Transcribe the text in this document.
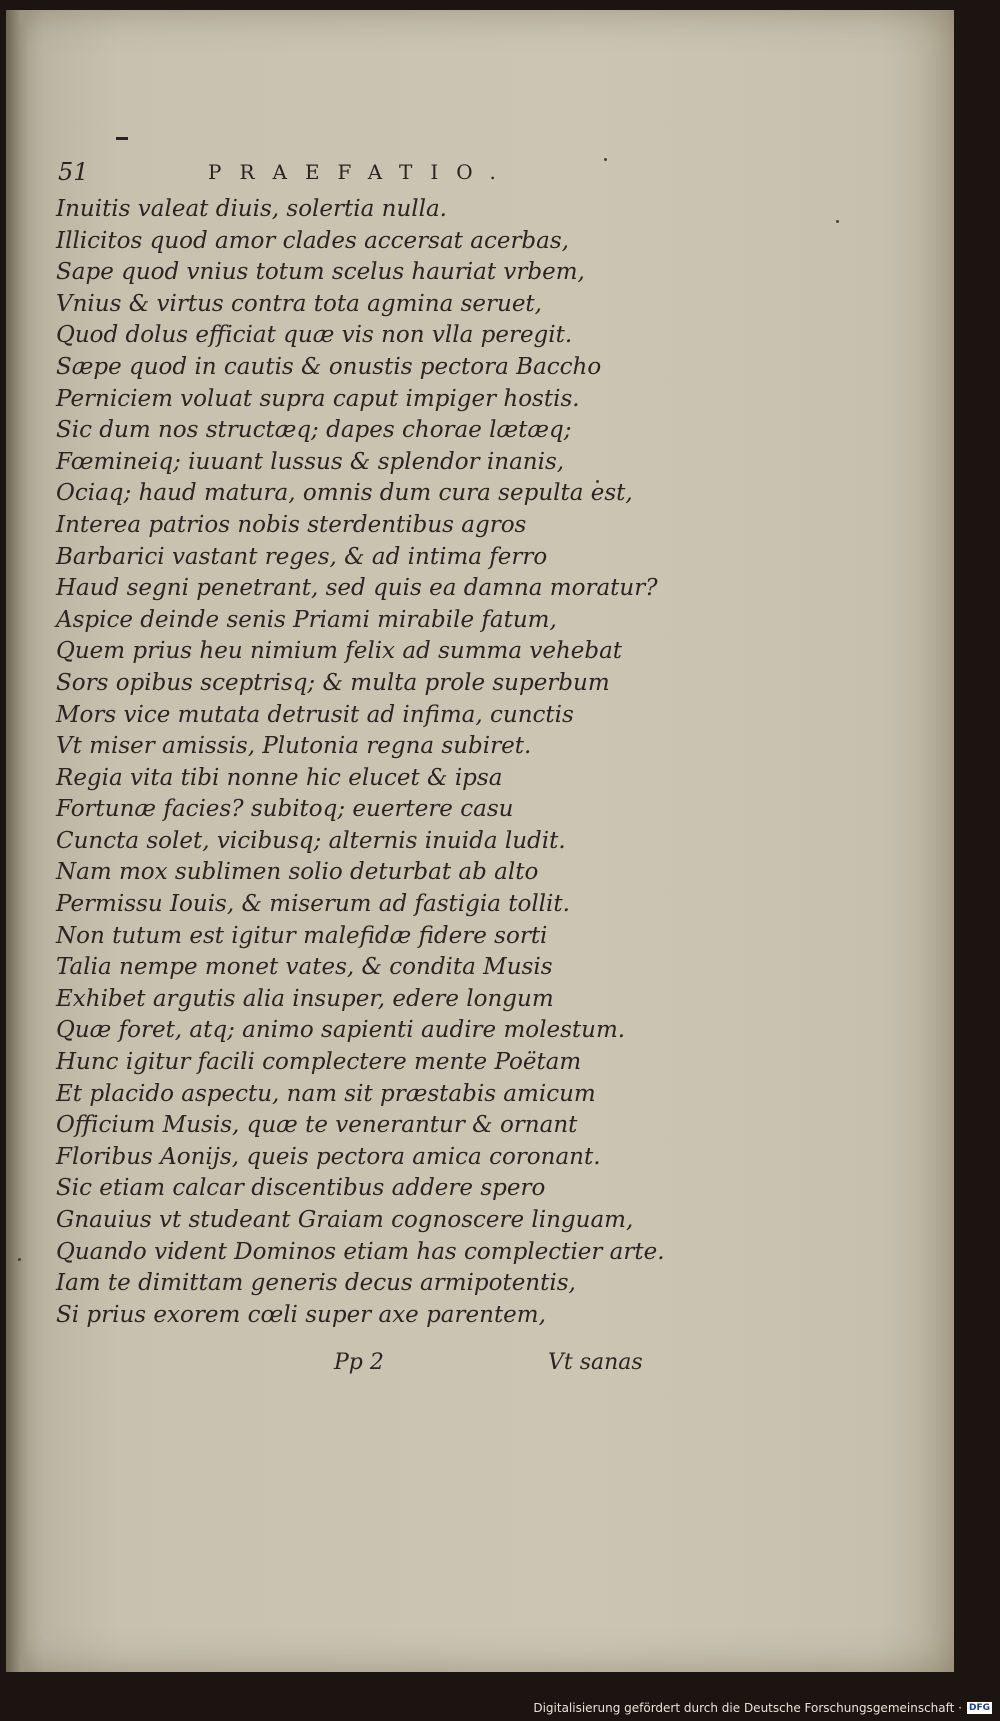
51	PRAEFATIO.
Inuitis valeat diuis, solertia nulla.
Illicitos quod amor clades accersat acerbas,
Sape quod vnius totum scelus hauriat vrbem,
Vnius & virtus contra tota agmina seruet,
Quod dolus efficiat quæ vis non vlla peregit.
Sæpe quod in cautis & onustis pectora Baccho
Perniciem voluat supra caput impiger hostis.
Sic dum nos structæq; dapes chorae lætæq;
Fœmineiq; iuuant lussus & splendor inanis,
Ociaq; haud matura, omnis dum cura sepulta est,
Interea patrios nobis sterdentibus agros
Barbarici vastant reges, & ad intima ferro
Haud segni penetrant, sed quis ea damna moratur?
Aspice deinde senis Priami mirabile fatum,
Quem prius heu nimium felix ad summa vehebat
Sors opibus sceptrisq; & multa prole superbum
Mors vice mutata detrusit ad infima, cunctis
Vt miser amissis, Plutonia regna subiret.
Regia vita tibi nonne hic elucet & ipsa
Fortunæ facies? subitoq; euertere casu
Cuncta solet, vicibusq; alternis inuida ludit.
Nam mox sublimen solio deturbat ab alto
Permissu Iouis, & miserum ad fastigia tollit.
Non tutum est igitur malefidæ fidere sorti
Talia nempe monet vates, & condita Musis
Exhibet argutis alia insuper, edere longum
Quæ foret, atq; animo sapienti audire molestum.
Hunc igitur facili complectere mente Poëtam
Et placido aspectu, nam sit præstabis amicum
Officium Musis, quæ te venerantur & ornant
Floribus Aonijs, queis pectora amica coronant.
Sic etiam calcar discentibus addere spero
Gnauius vt studeant Graiam cognoscere linguam,
Quando vident Dominos etiam has complectier arte.
Iam te dimittam generis decus armipotentis,
Si prius exorem cœli super axe parentem,
Pp 2	Vt sanas
Digitalisierung gefördert durch die Deutsche Forschungsgemeinschaft · DFG
